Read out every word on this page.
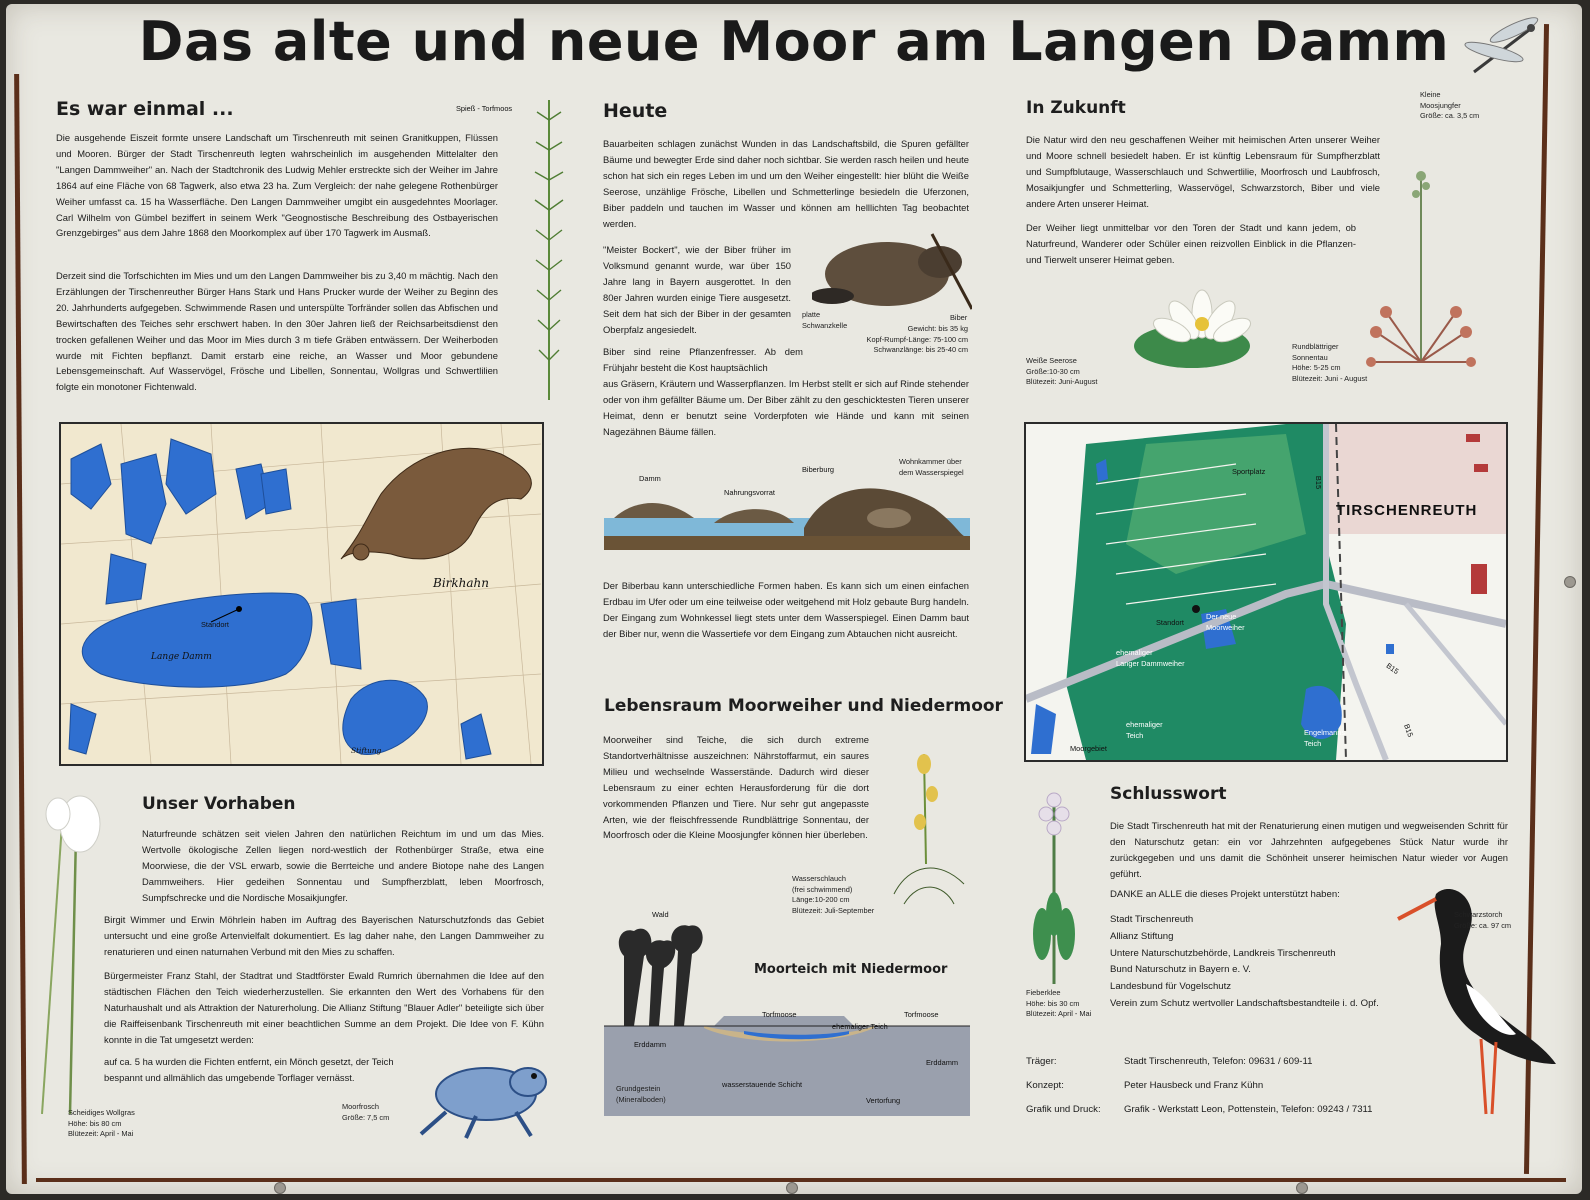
Das alte und neue Moor am Langen Damm
Es war einmal ...	Spieß - Torfmoos

Die ausgehende Eiszeit formte unsere Landschaft um Tirschenreuth mit seinen Granitkuppen, Flüssen und Mooren. Bürger der Stadt Tirschenreuth legten wahrscheinlich im ausgehenden Mittelalter den "Langen Dammweiher" an. Nach der Stadtchronik des Ludwig Mehler erstreckte sich der Weiher im Jahre 1864 auf eine Fläche von 68 Tagwerk, also etwa 23 ha. Zum Vergleich: der nahe gelegene Rothenbürger Weiher umfasst ca. 15 ha Wasserfläche. Den Langen Dammweiher umgibt ein ausgedehntes Moorlager. Carl Wilhelm von Gümbel beziffert in seinem Werk "Geognostische Beschreibung des Ostbayerischen Grenzgebirges" aus dem Jahre 1868 den Moorkomplex auf über 170 Tagwerk im Ausmaß.

Derzeit sind die Torfschichten im Mies und um den Langen Dammweiher bis zu 3,40 m mächtig. Nach den Erzählungen der Tirschenreuther Bürger Hans Stark und Hans Prucker wurde der Weiher zu Beginn des 20. Jahrhunderts aufgegeben. Schwimmende Rasen und unterspülte Torfränder sollen das Abfischen und Bewirtschaften des Teiches sehr erschwert haben. In den 30er Jahren ließ der Reichsarbeitsdienst den trocken gefallenen Weiher und das Moor im Mies durch 3 m tiefe Gräben entwässern. Der Weiherboden wurde mit Fichten bepflanzt. Damit erstarb eine reiche, an Wasser und Moor gebundene Lebensgemeinschaft. Auf Wasservögel, Frösche und Libellen, Sonnentau, Wollgras und Schwertlilien folgte ein monotoner Fichtenwald.

Standort
Lange Damm
Birkhahn
Stiftung
Heute

Bauarbeiten schlagen zunächst Wunden in das Landschaftsbild, die Spuren gefällter Bäume und bewegter Erde sind daher noch sichtbar. Sie werden rasch heilen und heute schon hat sich ein reges Leben im und um den Weiher eingestellt: hier blüht die Weiße Seerose, unzählige Frösche, Libellen und Schmetterlinge besiedeln die Uferzonen, Biber paddeln und tauchen im Wasser und können am helllichten Tag beobachtet werden.

"Meister Bockert", wie der Biber früher im Volksmund genannt wurde, war über 150 Jahre lang in Bayern ausgerottet. In den 80er Jahren wurden einige Tiere ausgesetzt. Seit dem hat sich der Biber in der gesamten Oberpfalz angesiedelt.

platte
Schwanzkelle

Biber

Gewicht: bis 35 kg
Kopf-Rumpf-Länge: 75-100 cm
Schwanzlänge: bis 25-40 cm

Biber sind reine Pflanzenfresser. Ab dem Frühjahr besteht die Kost hauptsächlich

aus Gräsern, Kräutern und Wasserpflanzen. Im Herbst stellt er sich auf Rinde stehender oder von ihm gefällter Bäume um. Der Biber zählt zu den geschicktesten Tieren unserer Heimat, denn er benutzt seine Vorderpfoten wie Hände und kann mit seinen Nagezähnen Bäume fällen.

Damm
Nahrungsvorrat
Biberburg

Wohnkammer über
dem Wasserspiegel

Der Biberbau kann unterschiedliche Formen haben. Es kann sich um einen einfachen Erdbau im Ufer oder um eine teilweise oder weitgehend mit Holz gebaute Burg handeln. Der Eingang zum Wohnkessel liegt stets unter dem Wasserspiegel. Einen Damm baut der Biber nur, wenn die Wassertiefe vor dem Eingang zum Abtauchen nicht ausreicht.

Lebensraum Moorweiher und Niedermoor

Moorweiher sind Teiche, die sich durch extreme Standortverhältnisse auszeichnen: Nährstoffarmut, ein saures Milieu und wechselnde Wasserstände. Dadurch wird dieser Lebensraum zu einer echten Herausforderung für die dort vorkommenden Pflanzen und Tiere. Nur sehr gut angepasste Arten, wie der fleischfressende Rundblättrige Sonnentau, der Moorfrosch oder die Kleine Moosjungfer können hier überleben.

Wasserschlauch
(frei schwimmend)
Länge:10-200 cm
Blütezeit: Juli-September

Wald
Moorteich mit Niedermoor
Torfmoose	Torfmoose
ehemaliger Teich
Erddamm
Erddamm

Grundgestein
(Mineralboden)

wasserstauende Schicht
Vertorfung
In Zukunft

Kleine
Moosjungfer
Größe: ca. 3,5 cm

Die Natur wird den neu geschaffenen Weiher mit heimischen Arten unserer Weiher und Moore schnell besiedelt haben. Er ist künftig Lebensraum für Sumpfherzblatt und Sumpfblutauge, Wasserschlauch und Schwertlilie, Moorfrosch und Laubfrosch, Mosaikjungfer und Schmetterling, Wasservögel, Schwarzstorch, Biber und viele andere Arten unserer Heimat.

Der Weiher liegt unmittelbar vor den Toren der Stadt und kann jedem, ob Naturfreund, Wanderer oder Schüler einen reizvollen Einblick in die Pflanzen- und Tierwelt unserer Heimat geben.

Weiße Seerose
Größe:10-30 cm
Blütezeit: Juni-August

Rundblättriger
Sonnentau
Höhe: 5-25 cm
Blütezeit: Juni - August

Sportplatz
TIRSCHENREUTH
Standort

Der neue
Moorweiher

ehemaliger
Langer Dammweiher

ehemaliger
Teich	Engelmanns
Teich

Moorgebiet
B15
B15
B15
Unser Vorhaben

Naturfreunde schätzen seit vielen Jahren den natürlichen Reichtum im und um das Mies. Wertvolle ökologische Zellen liegen nord-westlich der Rothenbürger Straße, etwa eine Moorwiese, die der VSL erwarb, sowie die Berrteiche und andere Biotope nahe des Langen Dammweihers. Hier gedeihen Sonnentau und Sumpfherzblatt, leben Moorfrosch, Sumpfschrecke und die Nordische Mosaikjungfer.

Birgit Wimmer und Erwin Möhrlein haben im Auftrag des Bayerischen Naturschutzfonds das Gebiet untersucht und eine große Artenvielfalt dokumentiert. Es lag daher nahe, den Langen Dammweiher zu renaturieren und einen naturnahen Verbund mit den Mies zu schaffen.

Bürgermeister Franz Stahl, der Stadtrat und Stadtförster Ewald Rumrich übernahmen die Idee auf den städtischen Flächen den Teich wiederherzustellen. Sie erkannten den Wert des Vorhabens für den Naturhaushalt und als Attraktion der Naturerholung. Die Allianz Stiftung "Blauer Adler" beteiligte sich über die Raiffeisenbank Tirschenreuth mit einer beachtlichen Summe an dem Projekt. Die Idee von F. Kühn konnte in die Tat umgesetzt werden:

auf ca. 5 ha wurden die Fichten entfernt, ein Mönch gesetzt, der Teich bespannt und allmählich das umgebende Torflager vernässt.

Scheidiges Wollgras
Höhe: bis 80 cm
Blütezeit: April - Mai

Moorfrosch
Größe: 7,5 cm

Fieberklee
Höhe: bis 30 cm
Blütezeit: April - Mai

Schlusswort

Die Stadt Tirschenreuth hat mit der Renaturierung einen mutigen und wegweisenden Schritt für den Naturschutz getan: ein vor Jahrzehnten aufgegebenes Stück Natur wurde ihr zurückgegeben und uns damit die Schönheit unserer heimischen Natur wieder vor Augen geführt.

DANKE an ALLE die dieses Projekt unterstützt haben:
Stadt Tirschenreuth
Allianz Stiftung
Untere Naturschutzbehörde, Landkreis Tirschenreuth
Bund Naturschutz in Bayern e. V.
Landesbund für Vogelschutz
Verein zum Schutz wertvoller Landschaftsbestandteile i. d. Opf.

Schwarzstorch
Größe: ca. 97 cm

Träger:	Stadt Tirschenreuth, Telefon: 09631 / 609-11
Konzept:	Peter Hausbeck und Franz Kühn
Grafik und Druck: Grafik - Werkstatt Leon, Pottenstein, Telefon: 09243 / 7311
